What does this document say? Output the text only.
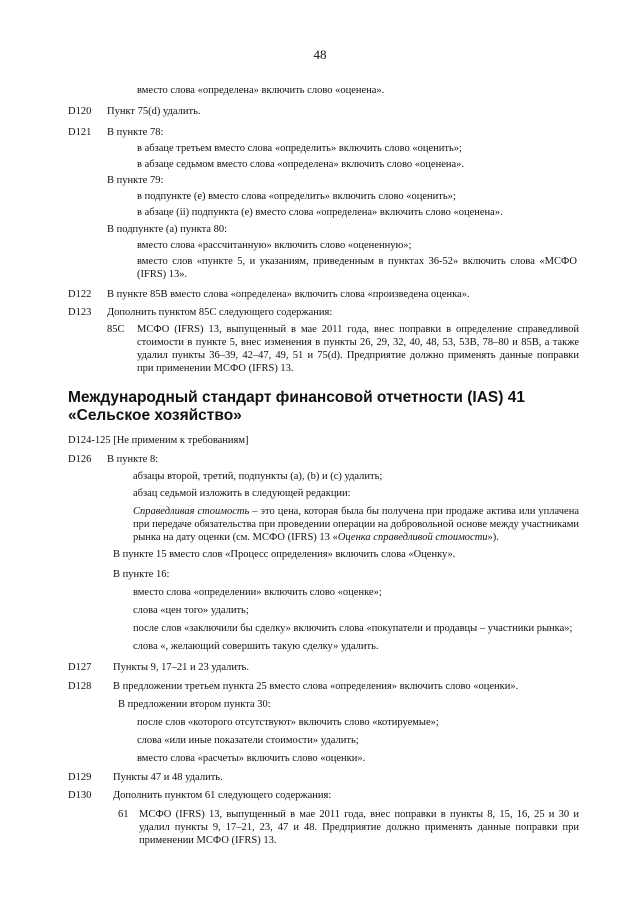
48
вместо слова «определена» включить слово «оценена».
D120 Пункт 75(d) удалить.
D121 В пункте 78:
в абзаце третьем вместо слова «определить» включить слово «оценить»;
в абзаце седьмом вместо слова «определена» включить слово «оценена».
В пункте 79:
в подпункте (е) вместо слова «определить» включить слово «оценить»;
в абзаце (ii) подпункта (е) вместо слова «определена» включить слово «оценена».
В подпункте (а) пункта 80:
вместо слова «рассчитанную» включить слово «оцененную»;
вместо слов «пункте 5, и указаниям, приведенным в пунктах 36-52» включить слова «МСФО (IFRS) 13».
D122 В пункте 85В вместо слова «определена» включить слова «произведена оценка».
D123 Дополнить пунктом 85С следующего содержания:
85С МСФО (IFRS) 13, выпущенный в мае 2011 года, внес поправки в определение справедливой стоимости в пункте 5, внес изменения в пункты 26, 29, 32, 40, 48, 53, 53В, 78–80 и 85В, а также удалил пункты 36–39, 42–47, 49, 51 и 75(d). Предприятие должно применять данные поправки при применении МСФО (IFRS) 13.
Международный стандарт финансовой отчетности (IAS) 41
«Сельское хозяйство»
D124-125 [Не применим к требованиям]
D126 В пункте 8:
абзацы второй, третий, подпункты (a), (b) и (c) удалить;
абзац седьмой изложить в следующей редакции:
Справедливая стоимость – это цена, которая была бы получена при продаже актива или уплачена при передаче обязательства при проведении операции на добровольной основе между участниками рынка на дату оценки (см. МСФО (IFRS) 13 «Оценка справедливой стоимости»).
В пункте 15 вместо слов «Процесс определения» включить слова «Оценку».
В пункте 16:
вместо слова «определении» включить слово «оценке»;
слова «цен того» удалить;
после слов «заключили бы сделку» включить слова «покупатели и продавцы – участники рынка»;
слова «, желающий совершить такую сделку» удалить.
D127 Пункты 9, 17–21 и 23 удалить.
D128 В предложении третьем пункта 25 вместо слова «определения» включить слово «оценки».
В предложении втором пункта 30:
после слов «которого отсутствуют» включить слово «котируемые»;
слова «или иные показатели стоимости» удалить;
вместо слова «расчеты» включить слово «оценки».
D129 Пункты 47 и 48 удалить.
D130 Дополнить пунктом 61 следующего содержания:
61 МСФО (IFRS) 13, выпущенный в мае 2011 года, внес поправки в пункты 8, 15, 16, 25 и 30 и удалил пункты 9, 17–21, 23, 47 и 48. Предприятие должно применять данные поправки при применении МСФО (IFRS) 13.
